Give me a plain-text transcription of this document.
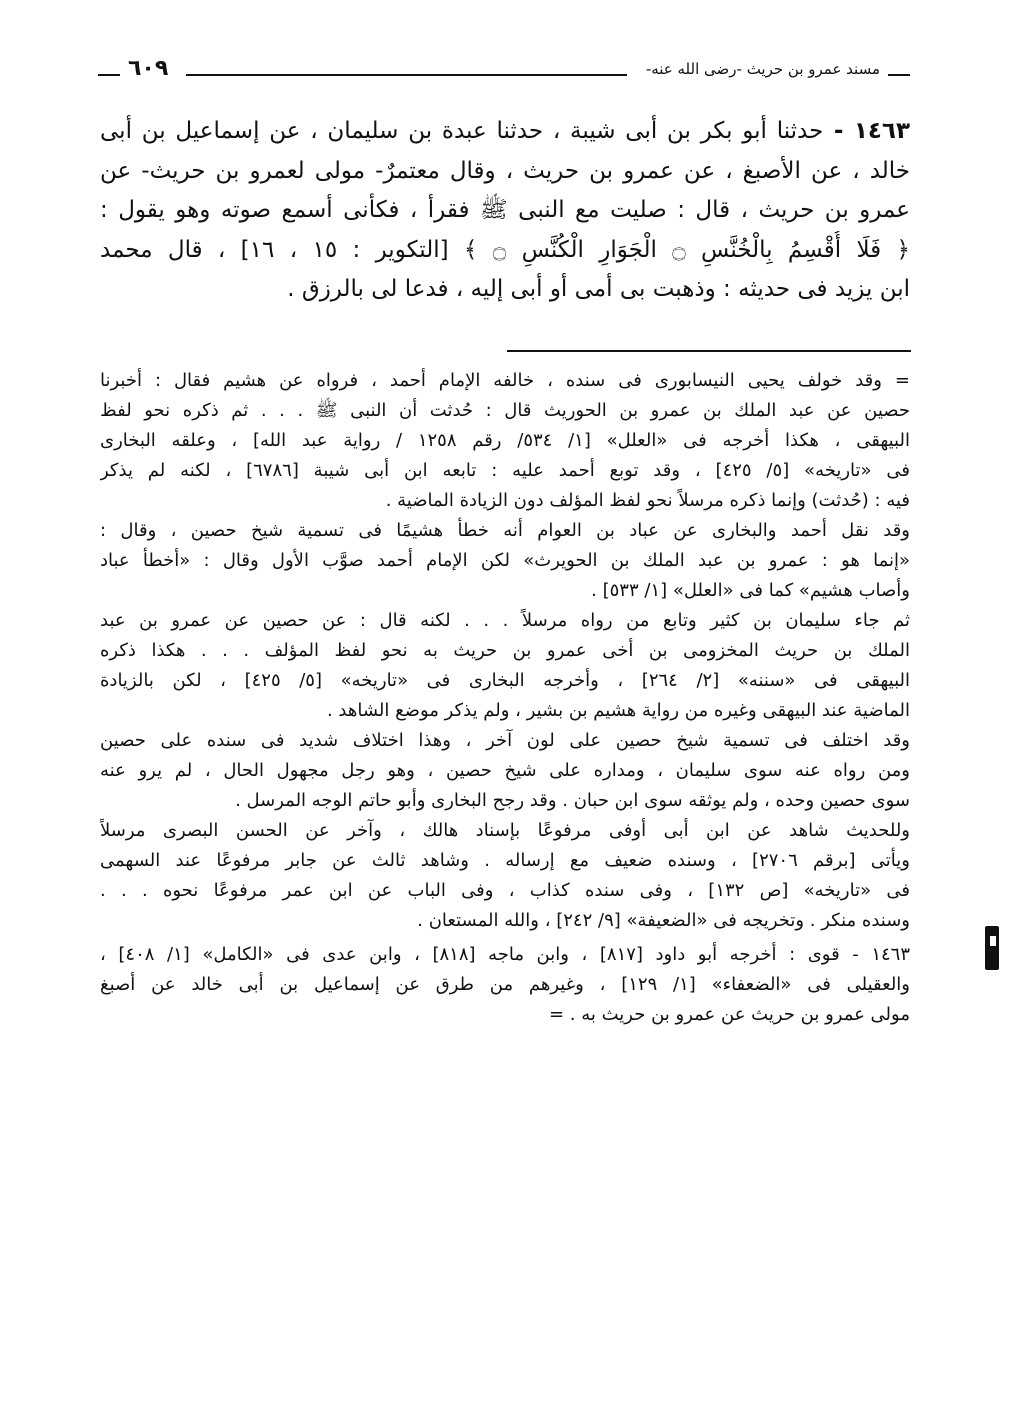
مسند عمرو بن حريث -رضى الله عنه-
٦٠٩
١٤٦٣ - حدثنا أبو بكر بن أبى شيبة ، حدثنا عبدة بن سليمان ، عن إسماعيل بن أبى
خالد ، عن الأصبغ ، عن عمرو بن حريث ، وقال معتمرٌ- مولى لعمرو بن حريث- عن
عمرو بن حريث ، قال : صليت مع النبى ﷺ فقرأ ، فكأنى أسمع صوته وهو يقول :
﴿ فَلَا أُقْسِمُ بِالْخُنَّسِ ۝ الْجَوَارِ الْكُنَّسِ ۝ ﴾ [التكوير : ١٥ ، ١٦] ، قال محمد
ابن يزيد فى حديثه : وذهبت بى أمى أو أبى إليه ، فدعا لى بالرزق .
= وقد خولف يحيى النيسابورى فى سنده ، خالفه الإمام أحمد ، فرواه عن هشيم فقال : أخبرنا
حصين عن عبد الملك بن عمرو بن الحوريث قال : حُدثت أن النبى ﷺ . . . ثم ذكره نحو لفظ
البيهقى ، هكذا أخرجه فى «العلل» [١/ ٥٣٤/ رقم ١٢٥٨ / رواية عبد الله] ، وعلقه البخارى
فى «تاريخه» [٥/ ٤٢٥] ، وقد توبع أحمد عليه : تابعه ابن أبى شيبة [٦٧٨٦] ، لكنه لم يذكر
فيه : (حُدثت) وإنما ذكره مرسلاً نحو لفظ المؤلف دون الزيادة الماضية .
وقد نقل أحمد والبخارى عن عباد بن العوام أنه خطأ هشيمًا فى تسمية شيخ حصين ، وقال :
«إنما هو : عمرو بن عبد الملك بن الحويرث» لكن الإمام أحمد صوَّب الأول وقال : «أخطأ عباد
وأصاب هشيم» كما فى «العلل» [١/ ٥٣٣] .
ثم جاء سليمان بن كثير وتابع من رواه مرسلاً . . . لكنه قال : عن حصين عن عمرو بن عبد
الملك بن حريث المخزومى بن أخى عمرو بن حريث به نحو لفظ المؤلف . . . هكذا ذكره
البيهقى فى «سننه» [٢/ ٢٦٤] ، وأخرجه البخارى فى «تاريخه» [٥/ ٤٢٥] ، لكن بالزيادة
الماضية عند البيهقى وغيره من رواية هشيم بن بشير ، ولم يذكر موضع الشاهد .
وقد اختلف فى تسمية شيخ حصين على لون آخر ، وهذا اختلاف شديد فى سنده على حصين
ومن رواه عنه سوى سليمان ، ومداره على شيخ حصين ، وهو رجل مجهول الحال ، لم يرو عنه
سوى حصين وحده ، ولم يوثقه سوى ابن حبان . وقد رجح البخارى وأبو حاتم الوجه المرسل .
وللحديث شاهد عن ابن أبى أوفى مرفوعًا بإسناد هالك ، وآخر عن الحسن البصرى مرسلاً
ويأتى [برقم ٢٧٠٦] ، وسنده ضعيف مع إرساله . وشاهد ثالث عن جابر مرفوعًا عند السهمى
فى «تاريخه» [ص ١٣٢] ، وفى سنده كذاب ، وفى الباب عن ابن عمر مرفوعًا نحوه . . .
وسنده منكر . وتخريجه فى «الضعيفة» [٩/ ٢٤٢] ، والله المستعان .
١٤٦٣ - قوى : أخرجه أبو داود [٨١٧] ، وابن ماجه [٨١٨] ، وابن عدى فى «الكامل» [١/ ٤٠٨] ،
والعقيلى فى «الضعفاء» [١/ ١٢٩] ، وغيرهم من طرق عن إسماعيل بن أبى خالد عن أصبغ
مولى عمرو بن حريث عن عمرو بن حريث به . =
